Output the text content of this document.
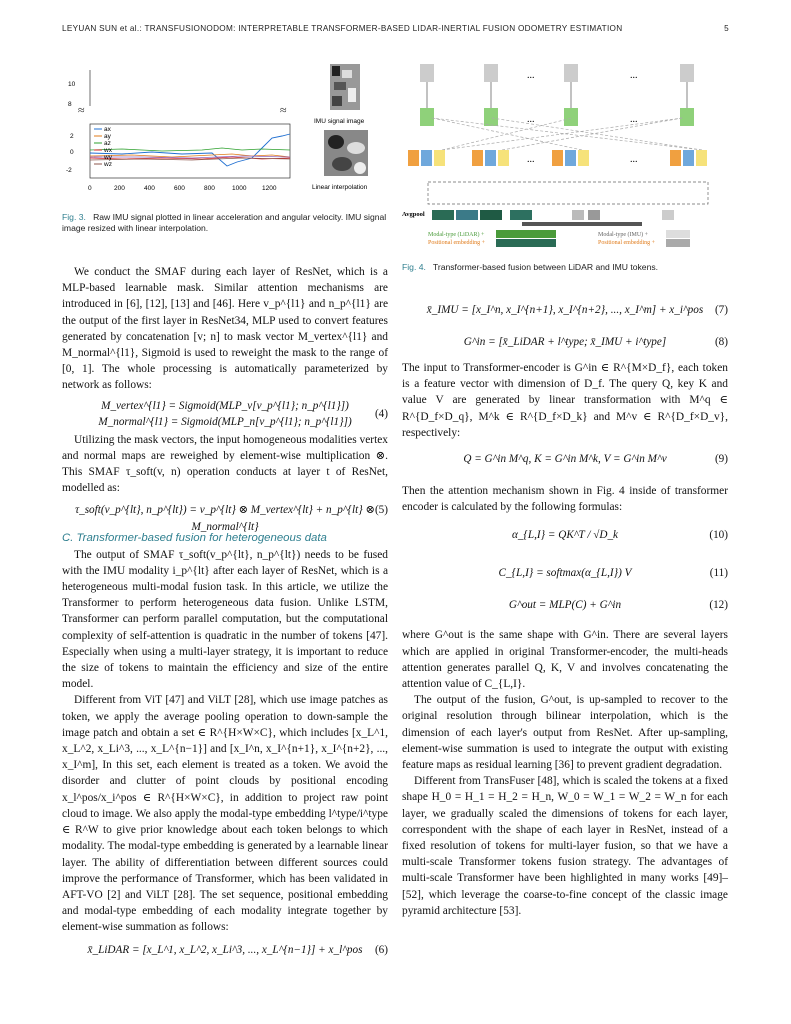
LEYUAN SUN et al.: TRANSFUSIONODOM: INTERPRETABLE TRANSFORMER-BASED LIDAR-INERTIAL FUSION ODOMETRY ESTIMATION	5
10
8 ≈	≈
2
0
-2
ax
ay
az
wx
wy
wz
0	200	400	600	800	1000 1200
IMU signal image
Linear interpolation
Fig. 3. Raw IMU signal plotted in linear acceleration and angular velocity. IMU signal image resized with linear interpolation.
...	...
...	...
...	...
Avgpool
Modal-type (LiDAR) +
Positional embedding +
Modal-type (IMU) +
Positional embedding +
Fig. 4. Transformer-based fusion between LiDAR and IMU tokens.

We conduct the SMAF during each layer of ResNet, which is a MLP-based learnable mask. Similar attention mechanisms are introduced in [6], [12], [13] and [46]. Here v_p^{l1} and n_p^{l1} are the output of the first layer in ResNet34, MLP used to convert features generated by concatenation [v; n] to mask vector M_vertex^{l1} and M_normal^{l1}, Sigmoid is used to reweight the mask to the range of [0, 1]. The whole processing is automatically parameterized by network as follows:

M_vertex^{l1} = Sigmoid(MLP_v[v_p^{l1}; n_p^{l1}])
M_normal^{l1} = Sigmoid(MLP_n[v_p^{l1}; n_p^{l1}])
(4)

Utilizing the mask vectors, the input homogeneous modalities vertex and normal maps are reweighed by element-wise multiplication ⊗. This SMAF τ_soft(v, n) operation conducts at layer t of ResNet, modelled as:

τ_soft(v_p^{lt}, n_p^{lt}) = v_p^{lt} ⊗ M_vertex^{lt} + n_p^{lt} ⊗ M_normal^{lt}
(5)

C. Transformer-based fusion for heterogeneous data

The output of SMAF τ_soft(v_p^{lt}, n_p^{lt}) needs to be fused with the IMU modality i_p^{lt} after each layer of ResNet, which is a heterogeneous multi-modal fusion task. In this article, we utilize the Transformer to perform heterogeneous data fusion. Unlike LSTM, Transformer can perform parallel computation, but the computational complexity of self-attention is quadratic in the number of tokens [47]. Especially when using a multi-layer strategy, it is important to reduce the size of tokens to maintain the efficiency and size of the entire model.

Different from ViT [47] and ViLT [28], which use image patches as token, we apply the average pooling operation to down-sample the image patch and obtain a set ∈ R^{H×W×C}, which includes [x_L^1, x_L^2, x_Li^3, ..., x_L^{n−1}] and [x_I^n, x_I^{n+1}, x_I^{n+2}, ..., x_I^m], In this set, each element is treated as a token. We avoid the disorder and clutter of point clouds by positional encoding x_l^pos/x_i^pos ∈ R^{H×W×C}, in addition to project raw point cloud to image. We also apply the modal-type embedding l^type/i^type ∈ R^W to give prior knowledge about each token belongs to which modality. The modal-type embedding is generated by a learnable linear layer. The ability of differentiation between different sources could improve the performance of Transformer, which has been validated in AFT-VO [2] and ViLT [28]. The set sequence, positional embedding and modal-type embedding of each modality integrate together by element-wise summation as follows:

x̄_LiDAR = [x_L^1, x_L^2, x_Li^3, ..., x_L^{n−1}] + x_l^pos (6)
x̄_IMU = [x_I^n, x_I^{n+1}, x_I^{n+2}, ..., x_I^m] + x_i^pos (7)
G^in = [x̄_LiDAR + l^type; x̄_IMU + i^type]	(8)

The input to Transformer-encoder is G^in ∈ R^{M×D_f}, each token is a feature vector with dimension of D_f. The query Q, key K and value V are generated by linear transformation with M^q ∈ R^{D_f×D_q}, M^k ∈ R^{D_f×D_k} and M^v ∈ R^{D_f×D_v}, respectively:

Q = G^in M^q, K = G^in M^k, V = G^in M^v	(9)

Then the attention mechanism shown in Fig. 4 inside of transformer encoder is calculated by the following formulas:

α_{L,I} = QK^T / √D_k	(10)
C_{L,I} = softmax(α_{L,I}) V	(11)
G^out = MLP(C) + G^in	(12)

where G^out is the same shape with G^in. There are several layers which are applied in original Transformer-encoder, the multi-heads attention generates parallel Q, K, V and involves concatenating the attention value of C_{L,I}.

The output of the fusion, G^out, is up-sampled to recover to the original resolution through bilinear interpolation, which is the dimension of each layer's output from ResNet. After up-sampling, element-wise summation is used to integrate the output with existing feature maps as residual learning [36] to prevent gradient degradation.

Different from TransFuser [48], which is scaled the tokens at a fixed shape H_0 = H_1 = H_2 = H_n, W_0 = W_1 = W_2 = W_n for each layer, we gradually scaled the dimensions of tokens for each layer, correspondent with the shape of each layer in ResNet, instead of a fixed resolution of tokens for multi-layer fusion, so that we have a multi-scale Transformer tokens fusion strategy. The advantages of multi-scale Transformer have been highlighted in many works [49]–[52], which leverage the coarse-to-fine concept of the classic image pyramid architecture [53].
